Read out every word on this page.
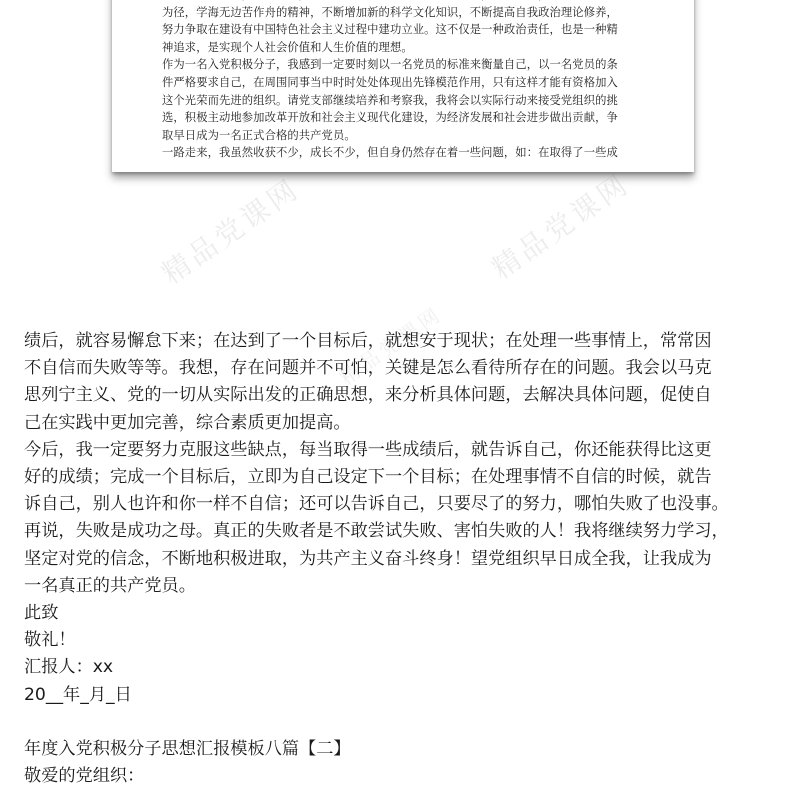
为径，学海无边苦作舟的精神，不断增加新的科学文化知识，不断提高自我政治理论修养，

努力争取在建设有中国特色社会主义过程中建功立业。这不仅是一种政治责任，也是一种精

神追求，是实现个人社会价值和人生价值的理想。

作为一名入党积极分子，我感到一定要时刻以一名党员的标准来衡量自己，以一名党员的条

件严格要求自己，在周围同事当中时时处处体现出先锋模范作用，只有这样才能有资格加入

这个光荣而先进的组织。请党支部继续培养和考察我，我将会以实际行动来接受党组织的挑

选，积极主动地参加改革开放和社会主义现代化建设，为经济发展和社会进步做出贡献，争

取早日成为一名正式合格的共产党员。

一路走来，我虽然收获不少，成长不少，但自身仍然存在着一些问题，如：在取得了一些成

精品党课网	精品党课网
精品党课网

绩后，就容易懈怠下来；在达到了一个目标后，就想安于现状；在处理一些事情上，常常因

不自信而失败等等。我想，存在问题并不可怕，关键是怎么看待所存在的问题。我会以马克

思列宁主义、党的一切从实际出发的正确思想，来分析具体问题，去解决具体问题，促使自

己在实践中更加完善，综合素质更加提高。

今后，我一定要努力克服这些缺点，每当取得一些成绩后，就告诉自己，你还能获得比这更

好的成绩；完成一个目标后，立即为自己设定下一个目标；在处理事情不自信的时候，就告

诉自己，别人也许和你一样不自信；还可以告诉自己，只要尽了的努力，哪怕失败了也没事。

再说，失败是成功之母。真正的失败者是不敢尝试失败、害怕失败的人！我将继续努力学习，

坚定对党的信念，不断地积极进取，为共产主义奋斗终身！望党组织早日成全我，让我成为

一名真正的共产党员。

此致

敬礼！

汇报人：xx

20__年_月_日

年度入党积极分子思想汇报模板八篇【二】

敬爱的党组织：
